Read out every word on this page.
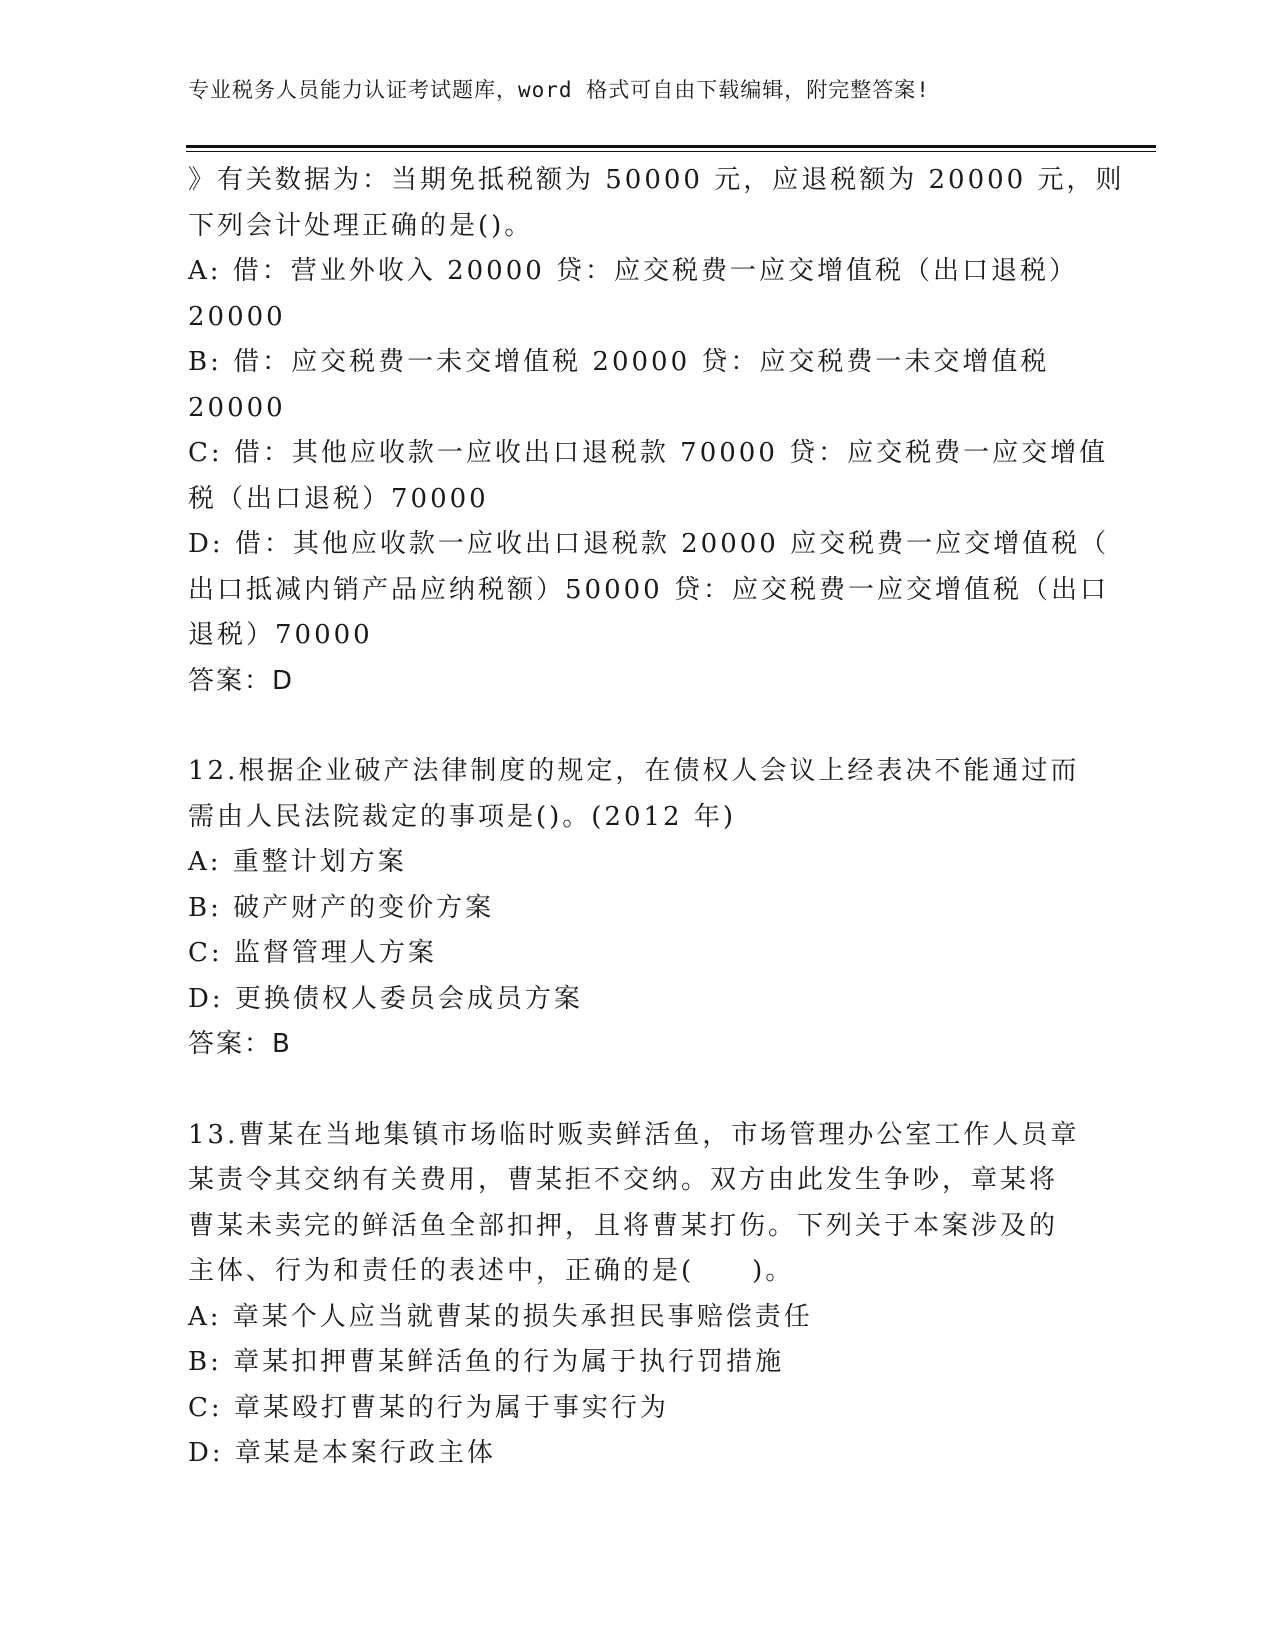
专业税务人员能力认证考试题库，word 格式可自由下载编辑，附完整答案!
》有关数据为：当期免抵税额为 50000 元，应退税额为 20000 元，则
下列会计处理正确的是()。
A: 借：营业外收入 20000 贷：应交税费一应交增值税（出口退税）
20000
B: 借：应交税费一未交增值税 20000 贷：应交税费一未交增值税
20000
C: 借：其他应收款一应收出口退税款 70000 贷：应交税费一应交增值
税（出口退税）70000
D: 借：其他应收款一应收出口退税款 20000 应交税费一应交增值税（
出口抵减内销产品应纳税额）50000 贷：应交税费一应交增值税（出口
退税）70000
答案：D
12.根据企业破产法律制度的规定，在债权人会议上经表决不能通过而
需由人民法院裁定的事项是()。(2012 年)
A: 重整计划方案
B: 破产财产的变价方案
C: 监督管理人方案
D: 更换债权人委员会成员方案
答案：B
13.曹某在当地集镇市场临时贩卖鲜活鱼，市场管理办公室工作人员章
某责令其交纳有关费用，曹某拒不交纳。双方由此发生争吵，章某将
曹某未卖完的鲜活鱼全部扣押，且将曹某打伤。下列关于本案涉及的
主体、行为和责任的表述中，正确的是(　　)。
A: 章某个人应当就曹某的损失承担民事赔偿责任
B: 章某扣押曹某鲜活鱼的行为属于执行罚措施
C: 章某殴打曹某的行为属于事实行为
D: 章某是本案行政主体
